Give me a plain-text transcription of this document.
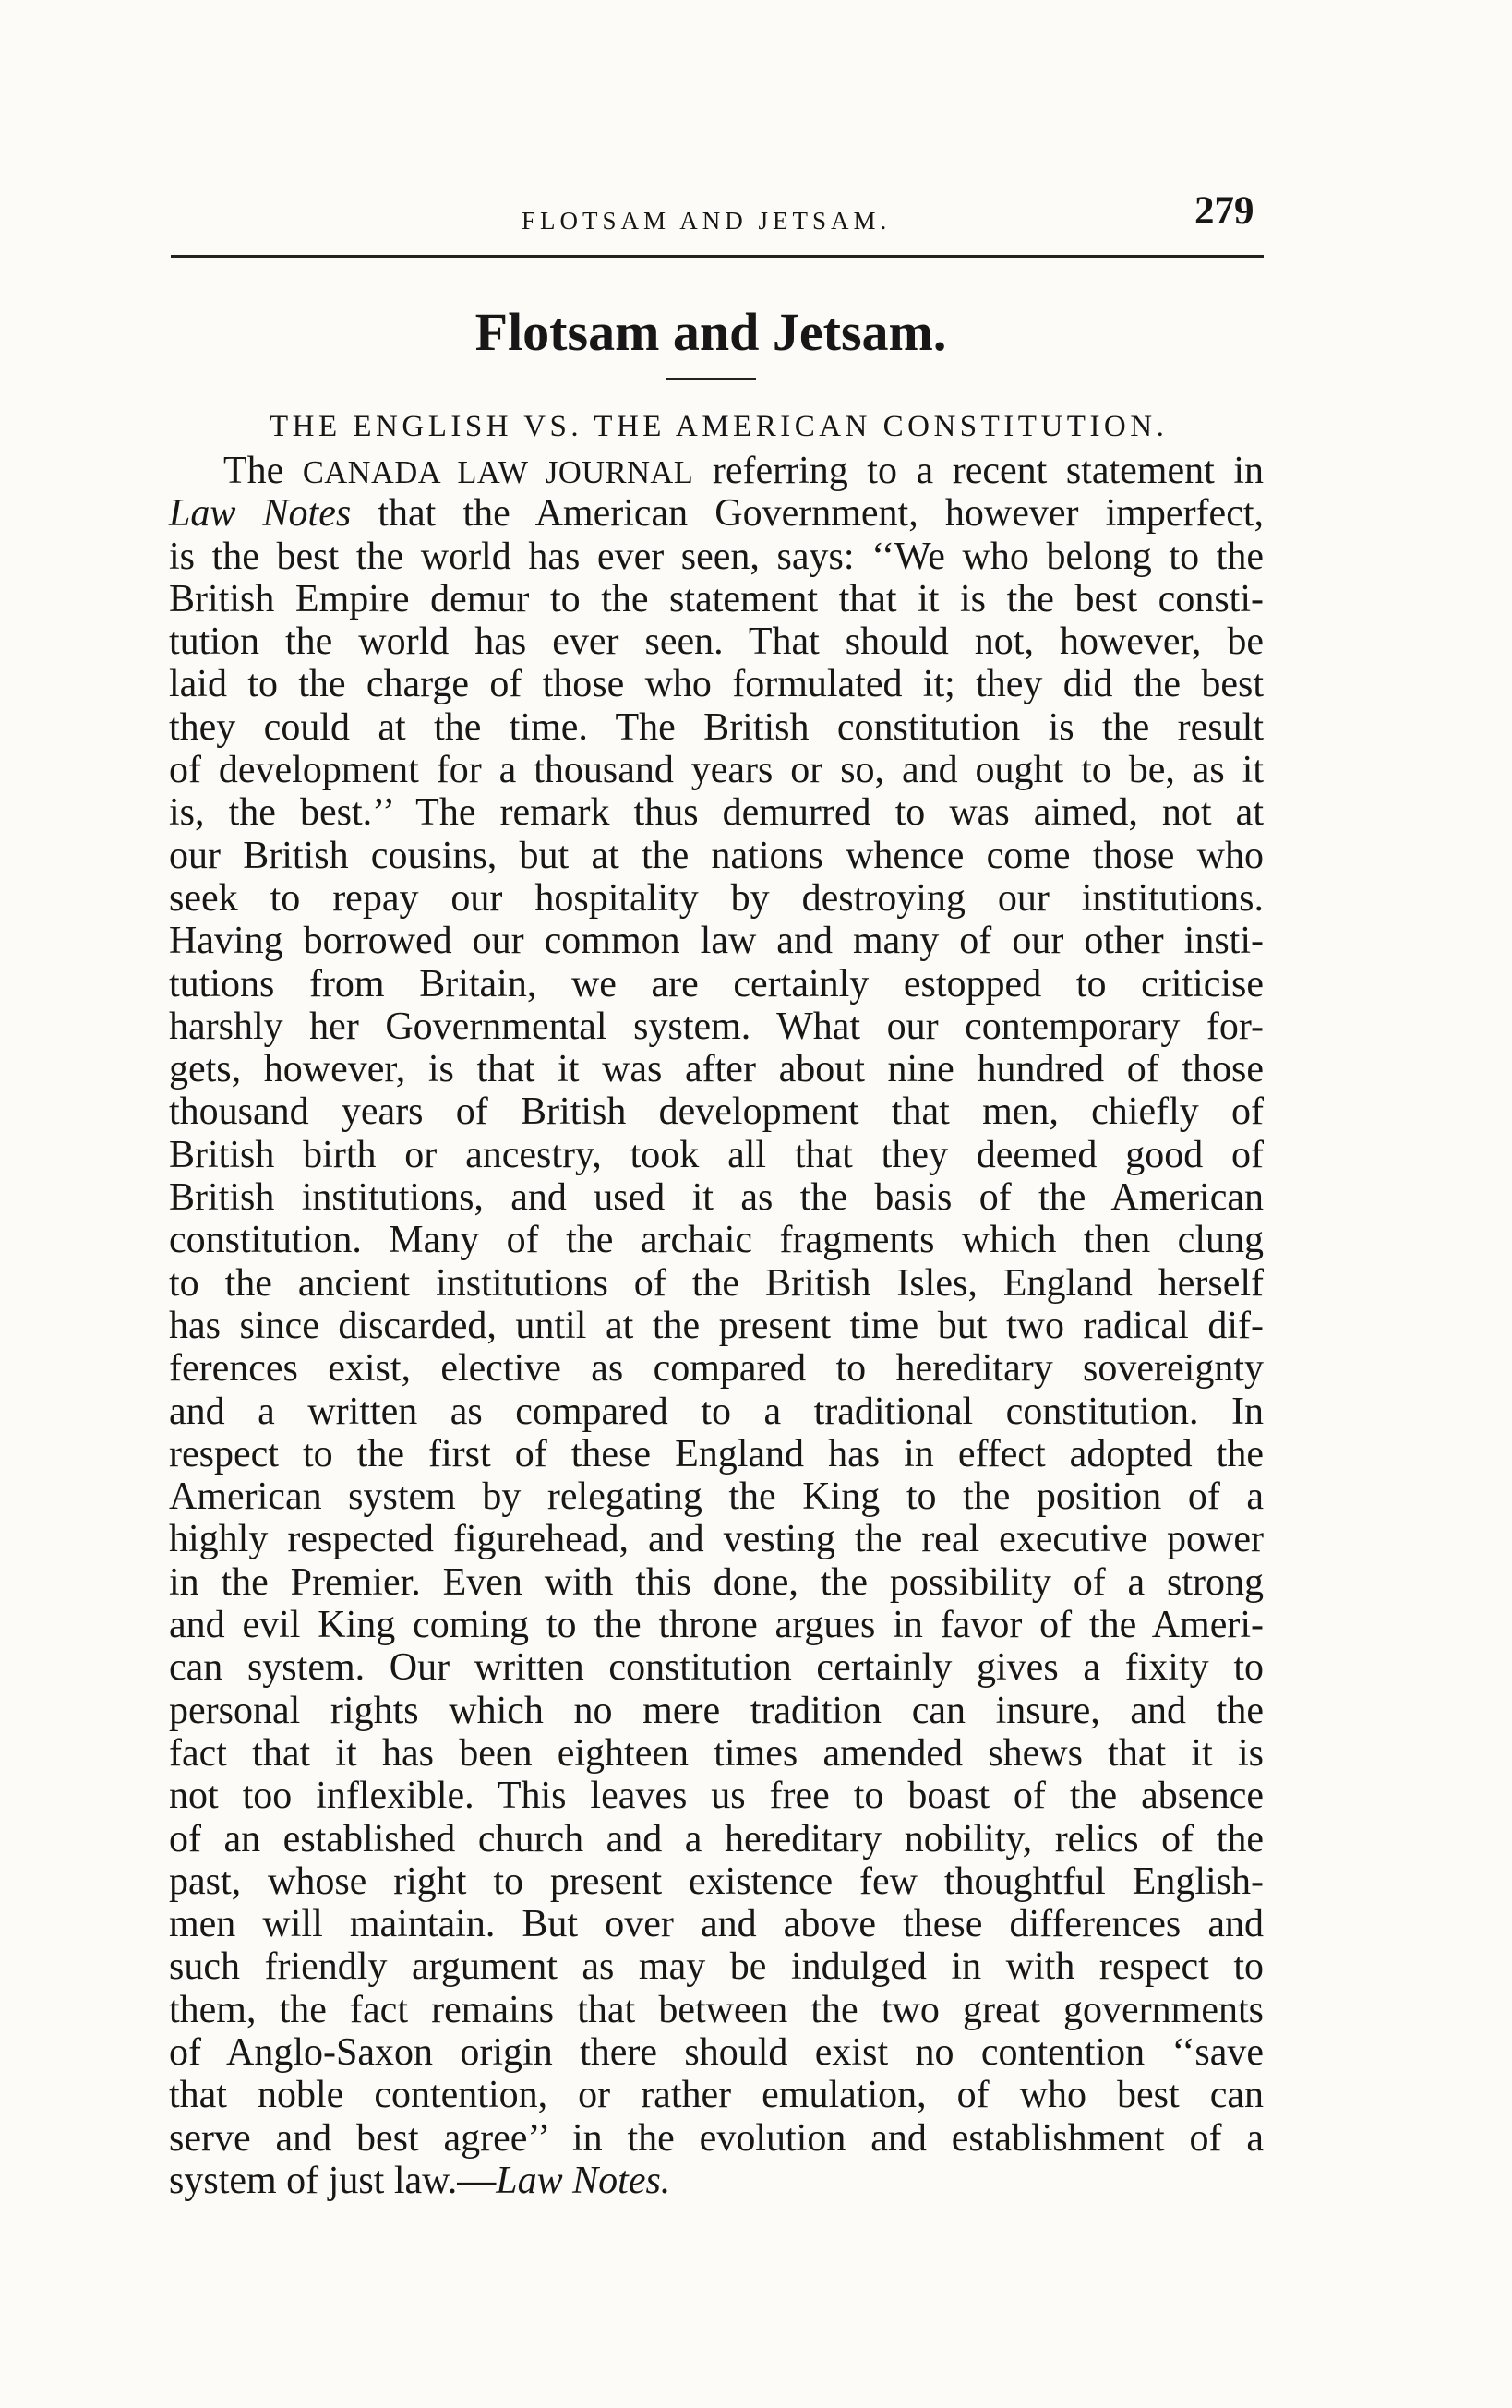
FLOTSAM AND JETSAM.	279
Flotsam and Jetsam.
THE ENGLISH VS. THE AMERICAN CONSTITUTION.
The CANADA LAW JOURNAL referring to a recent statement in
Law Notes that the American Government, however imperfect,
is the best the world has ever seen, says: ‘‘We who belong to the
British Empire demur to the statement that it is the best consti-
tution the world has ever seen. That should not, however, be
laid to the charge of those who formulated it; they did the best
they could at the time. The British constitution is the result
of development for a thousand years or so, and ought to be, as it
is, the best.’’ The remark thus demurred to was aimed, not at
our British cousins, but at the nations whence come those who
seek to repay our hospitality by destroying our institutions.
Having borrowed our common law and many of our other insti-
tutions from Britain, we are certainly estopped to criticise
harshly her Governmental system. What our contemporary for-
gets, however, is that it was after about nine hundred of those
thousand years of British development that men, chiefly of
British birth or ancestry, took all that they deemed good of
British institutions, and used it as the basis of the American
constitution. Many of the archaic fragments which then clung
to the ancient institutions of the British Isles, England herself
has since discarded, until at the present time but two radical dif-
ferences exist, elective as compared to hereditary sovereignty
and a written as compared to a traditional constitution. In
respect to the first of these England has in effect adopted the
American system by relegating the King to the position of a
highly respected figurehead, and vesting the real executive power
in the Premier. Even with this done, the possibility of a strong
and evil King coming to the throne argues in favor of the Ameri-
can system. Our written constitution certainly gives a fixity to
personal rights which no mere tradition can insure, and the
fact that it has been eighteen times amended shews that it is
not too inflexible. This leaves us free to boast of the absence
of an established church and a hereditary nobility, relics of the
past, whose right to present existence few thoughtful English-
men will maintain. But over and above these differences and
such friendly argument as may be indulged in with respect to
them, the fact remains that between the two great governments
of Anglo-Saxon origin there should exist no contention ‘‘save
that noble contention, or rather emulation, of who best can
serve and best agree’’ in the evolution and establishment of a
system of just law.—Law Notes.
